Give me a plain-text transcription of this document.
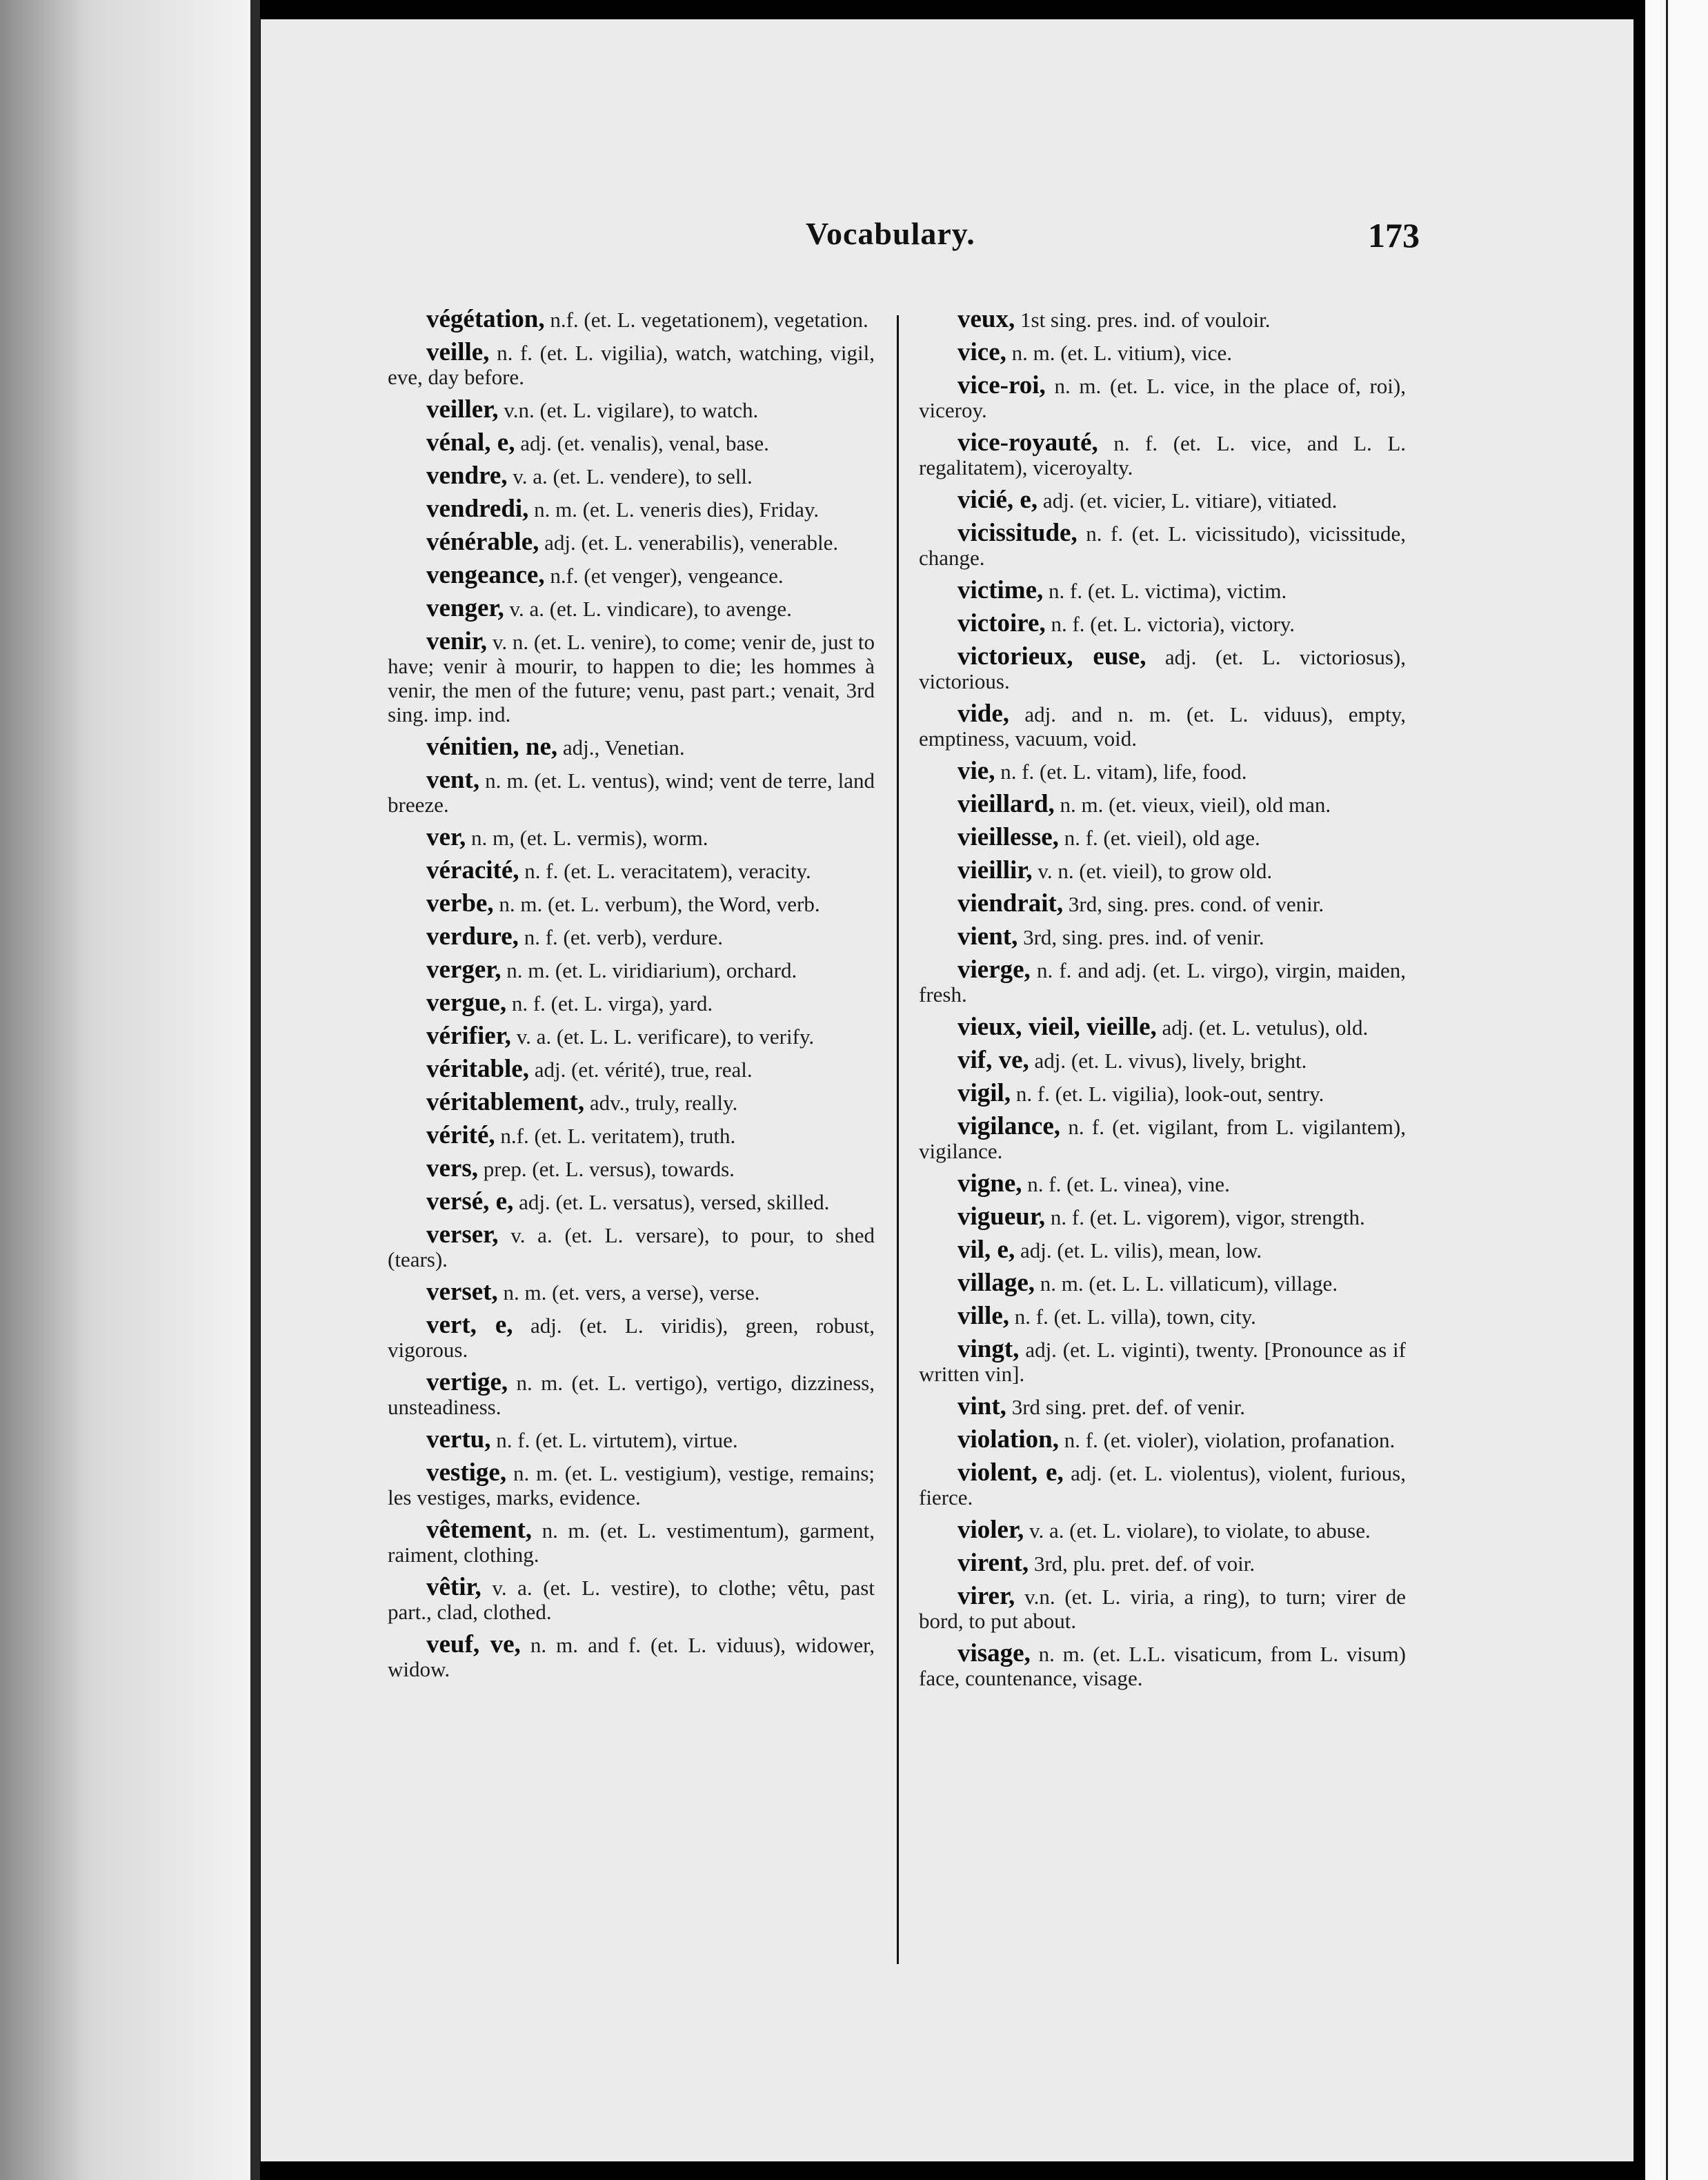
Vocabulary.	173

végétation, n.f. (et. L. vegetationem), vegetation.

veille, n. f. (et. L. vigilia), watch, watching, vigil, eve, day before.

veiller, v.n. (et. L. vigilare), to watch.

vénal, e, adj. (et. venalis), venal, base.

vendre, v. a. (et. L. vendere), to sell.

vendredi, n. m. (et. L. veneris dies), Friday.

vénérable, adj. (et. L. venerabilis), venerable.

vengeance, n.f. (et venger), vengeance.

venger, v. a. (et. L. vindicare), to avenge.

venir, v. n. (et. L. venire), to come; venir de, just to have; venir à mourir, to happen to die; les hommes à venir, the men of the future; venu, past part.; venait, 3rd sing. imp. ind.

vénitien, ne, adj., Venetian.

vent, n. m. (et. L. ventus), wind; vent de terre, land breeze.

ver, n. m, (et. L. vermis), worm.

véracité, n. f. (et. L. veracitatem), veracity.

verbe, n. m. (et. L. verbum), the Word, verb.

verdure, n. f. (et. verb), verdure.

verger, n. m. (et. L. viridiarium), orchard.

vergue, n. f. (et. L. virga), yard.

vérifier, v. a. (et. L. L. verificare), to verify.

véritable, adj. (et. vérité), true, real.

véritablement, adv., truly, really.

vérité, n.f. (et. L. veritatem), truth.

vers, prep. (et. L. versus), towards.

versé, e, adj. (et. L. versatus), versed, skilled.

verser, v. a. (et. L. versare), to pour, to shed (tears).

verset, n. m. (et. vers, a verse), verse.

vert, e, adj. (et. L. viridis), green, robust, vigorous.

vertige, n. m. (et. L. vertigo), vertigo, dizziness, unsteadiness.

vertu, n. f. (et. L. virtutem), virtue.

vestige, n. m. (et. L. vestigium), vestige, remains; les vestiges, marks, evidence.

vêtement, n. m. (et. L. vestimentum), garment, raiment, clothing.

vêtir, v. a. (et. L. vestire), to clothe; vêtu, past part., clad, clothed.

veuf, ve, n. m. and f. (et. L. viduus), widower, widow.

veux, 1st sing. pres. ind. of vouloir.

vice, n. m. (et. L. vitium), vice.

vice-roi, n. m. (et. L. vice, in the place of, roi), viceroy.

vice-royauté, n. f. (et. L. vice, and L. L. regalitatem), viceroyalty.

vicié, e, adj. (et. vicier, L. vitiare), vitiated.

vicissitude, n. f. (et. L. vicissitudo), vicissitude, change.

victime, n. f. (et. L. victima), victim.

victoire, n. f. (et. L. victoria), victory.

victorieux, euse, adj. (et. L. victoriosus), victorious.

vide, adj. and n. m. (et. L. viduus), empty, emptiness, vacuum, void.

vie, n. f. (et. L. vitam), life, food.

vieillard, n. m. (et. vieux, vieil), old man.

vieillesse, n. f. (et. vieil), old age.

vieillir, v. n. (et. vieil), to grow old.

viendrait, 3rd, sing. pres. cond. of venir.

vient, 3rd, sing. pres. ind. of venir.

vierge, n. f. and adj. (et. L. virgo), virgin, maiden, fresh.

vieux, vieil, vieille, adj. (et. L. vetulus), old.

vif, ve, adj. (et. L. vivus), lively, bright.

vigil, n. f. (et. L. vigilia), look-out, sentry.

vigilance, n. f. (et. vigilant, from L. vigilantem), vigilance.

vigne, n. f. (et. L. vinea), vine.

vigueur, n. f. (et. L. vigorem), vigor, strength.

vil, e, adj. (et. L. vilis), mean, low.

village, n. m. (et. L. L. villaticum), village.

ville, n. f. (et. L. villa), town, city.

vingt, adj. (et. L. viginti), twenty. [Pronounce as if written vin].

vint, 3rd sing. pret. def. of venir.

violation, n. f. (et. violer), violation, profanation.

violent, e, adj. (et. L. violentus), violent, furious, fierce.

violer, v. a. (et. L. violare), to violate, to abuse.

virent, 3rd, plu. pret. def. of voir.

virer, v.n. (et. L. viria, a ring), to turn; virer de bord, to put about.

visage, n. m. (et. L.L. visaticum, from L. visum) face, countenance, visage.
